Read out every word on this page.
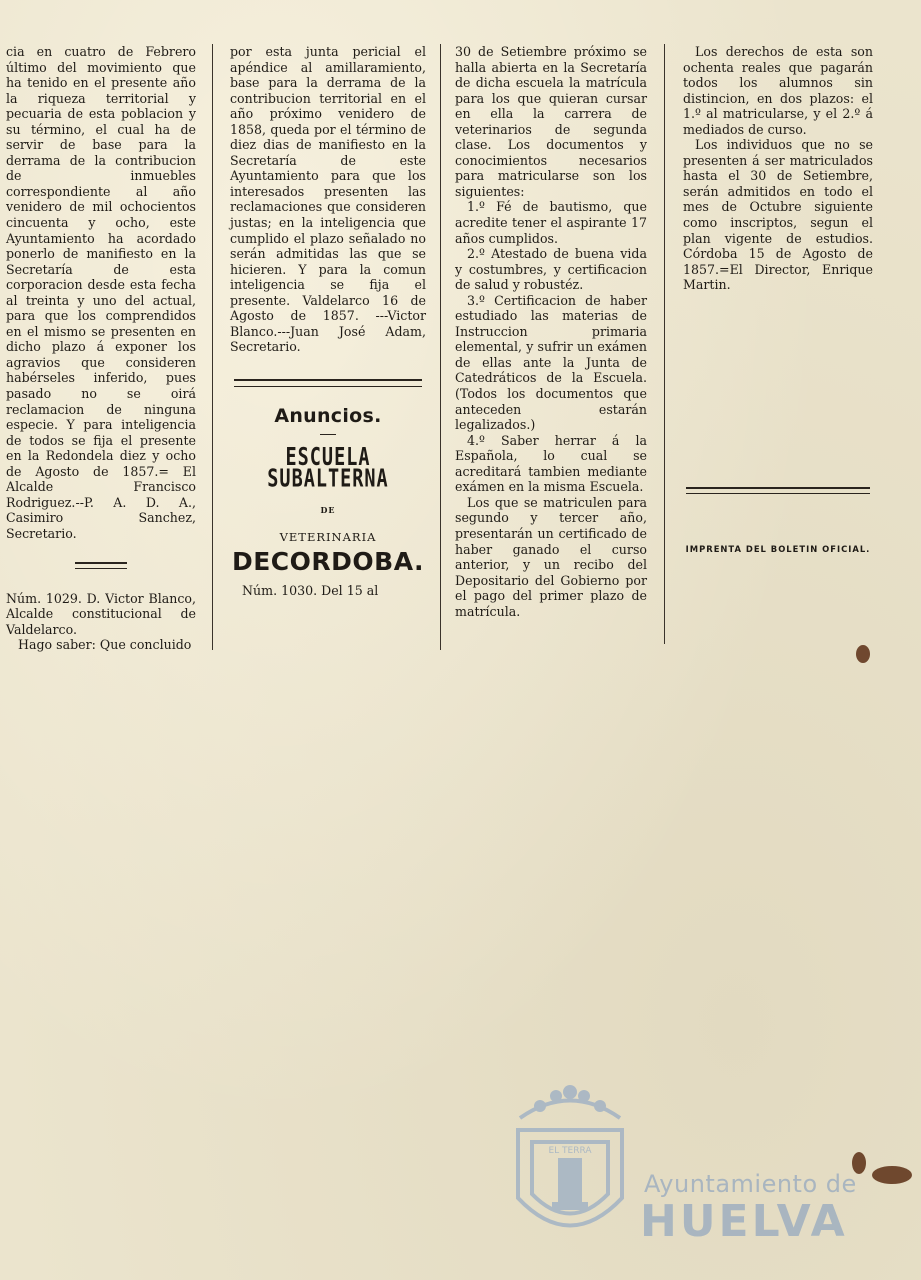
cia en cuatro de Febrero último del movimiento que ha tenido en el presente año la riqueza territorial y pecuaria de esta poblacion y su término, el cual ha de servir de base para la derrama de la contribucion de inmuebles correspondiente al año venidero de mil ochocientos cincuenta y ocho, este Ayuntamiento ha acordado ponerlo de manifiesto en la Secretaría de esta corporacion desde esta fecha al treinta y uno del actual, para que los comprendidos en el mismo se presenten en dicho plazo á exponer los agravios que consideren habérseles inferido, pues pasado no se oirá reclamacion de ninguna especie. Y para inteligencia de todos se fija el presente en la Redondela diez y ocho de Agosto de 1857.= El Alcalde Francisco Rodriguez.--P. A. D. A., Casimiro Sanchez, Secretario.

Núm. 1029. D. Victor Blanco, Alcalde constitucional de Valdelarco.

Hago saber: Que concluido

por esta junta pericial el apéndice al amillaramiento, base para la derrama de la contribucion territorial en el año próximo venidero de 1858, queda por el término de diez dias de manifiesto en la Secretaría de este Ayuntamiento para que los interesados presenten las reclamaciones que consideren justas; en la inteligencia que cumplido el plazo señalado no serán admitidas las que se hicieren. Y para la comun inteligencia se fija el presente. Valdelarco 16 de Agosto de 1857. ---Victor Blanco.---Juan José Adam, Secretario.

Anuncios.
ESCUELA SUBALTERNA
DE
VETERINARIA
DECORDOBA.

Núm. 1030. Del 15 al

30 de Setiembre próximo se halla abierta en la Secretaría de dicha escuela la matrícula para los que quieran cursar en ella la carrera de veterinarios de segunda clase. Los documentos y conocimientos necesarios para matricularse son los siguientes:

1.º Fé de bautismo, que acredite tener el aspirante 17 años cumplidos.

2.º Atestado de buena vida y costumbres, y certificacion de salud y robustéz.

3.º Certificacion de haber estudiado las materias de Instruccion primaria elemental, y sufrir un exámen de ellas ante la Junta de Catedráticos de la Escuela. (Todos los documentos que anteceden estarán legalizados.)

4.º Saber herrar á la Española, lo cual se acreditará tambien mediante exámen en la misma Escuela.

Los que se matriculen para segundo y tercer año, presentarán un certificado de haber ganado el curso anterior, y un recibo del Depositario del Gobierno por el pago del primer plazo de matrícula.

Los derechos de esta son ochenta reales que pagarán todos los alumnos sin distincion, en dos plazos: el 1.º al matricularse, y el 2.º á mediados de curso.

Los individuos que no se presenten á ser matriculados hasta el 30 de Setiembre, serán admitidos en todo el mes de Octubre siguiente como inscriptos, segun el plan vigente de estudios. Córdoba 15 de Agosto de 1857.=El Director, Enrique Martin.

IMPRENTA DEL BOLETIN OFICIAL.
EL TERRA
Ayuntamiento de
HUELVA
